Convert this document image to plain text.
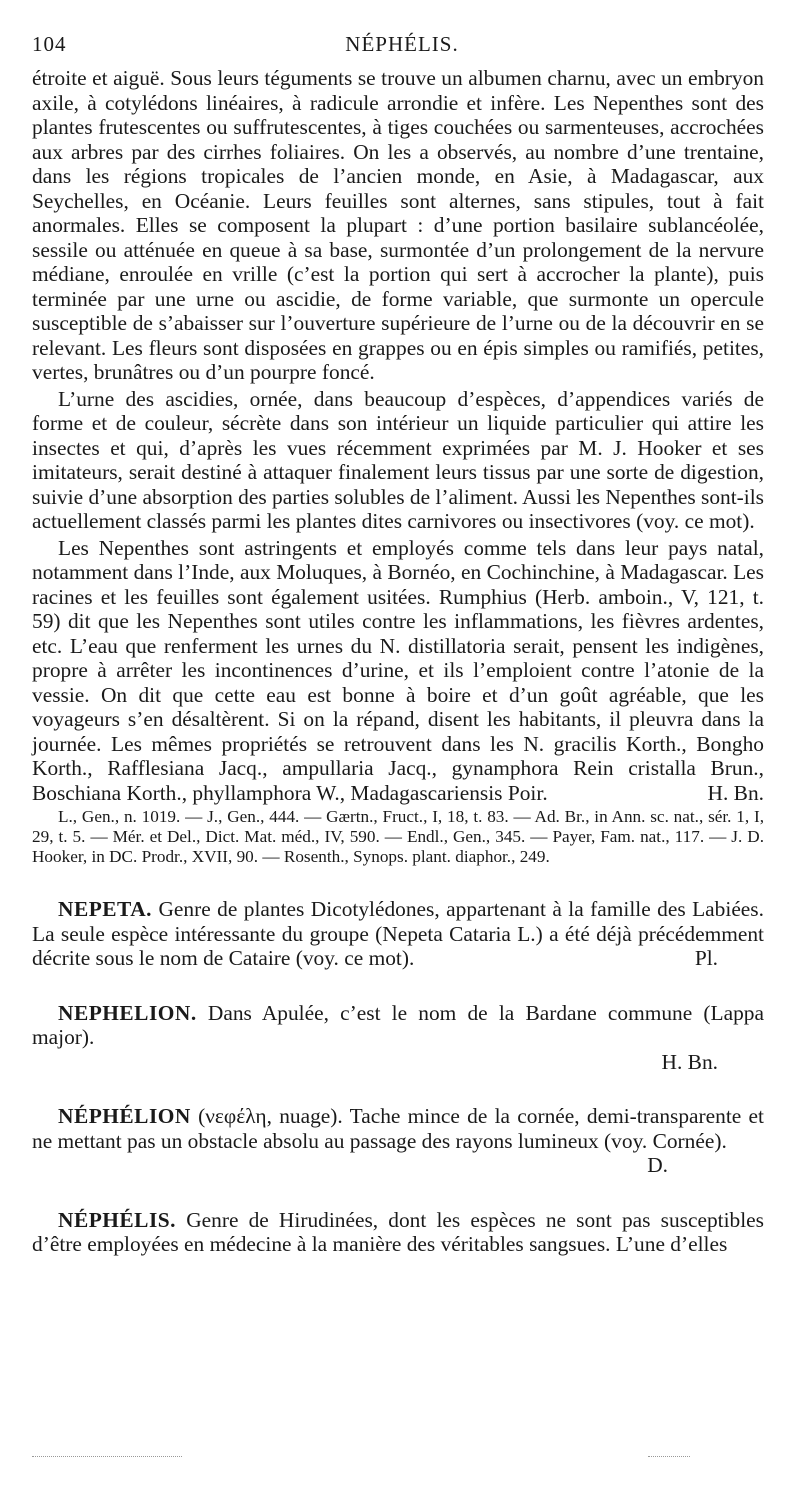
104	NÉPHÉLIS.

étroite et aiguë. Sous leurs téguments se trouve un albumen charnu, avec un embryon axile, à cotylédons linéaires, à radicule arrondie et infère. Les Nepenthes sont des plantes frutescentes ou suffrutescentes, à tiges couchées ou sarmenteuses, accrochées aux arbres par des cirrhes foliaires. On les a observés, au nombre d’une trentaine, dans les régions tropicales de l’ancien monde, en Asie, à Madagascar, aux Seychelles, en Océanie. Leurs feuilles sont alternes, sans stipules, tout à fait anormales. Elles se composent la plupart : d’une portion basilaire sublancéolée, sessile ou atténuée en queue à sa base, surmontée d’un prolongement de la nervure médiane, enroulée en vrille (c’est la portion qui sert à accrocher la plante), puis terminée par une urne ou ascidie, de forme variable, que surmonte un opercule susceptible de s’abaisser sur l’ouverture supérieure de l’urne ou de la découvrir en se relevant. Les fleurs sont disposées en grappes ou en épis simples ou ramifiés, petites, vertes, brunâtres ou d’un pourpre foncé.

L’urne des ascidies, ornée, dans beaucoup d’espèces, d’appendices variés de forme et de couleur, sécrète dans son intérieur un liquide particulier qui attire les insectes et qui, d’après les vues récemment exprimées par M. J. Hooker et ses imitateurs, serait destiné à attaquer finalement leurs tissus par une sorte de digestion, suivie d’une absorption des parties solubles de l’aliment. Aussi les Nepenthes sont-ils actuellement classés parmi les plantes dites carnivores ou insectivores (voy. ce mot).

Les Nepenthes sont astringents et employés comme tels dans leur pays natal, notamment dans l’Inde, aux Moluques, à Bornéo, en Cochinchine, à Madagascar. Les racines et les feuilles sont également usitées. Rumphius (Herb. amboin., V, 121, t. 59) dit que les Nepenthes sont utiles contre les inflammations, les fièvres ardentes, etc. L’eau que renferment les urnes du N. distillatoria serait, pensent les indigènes, propre à arrêter les incontinences d’urine, et ils l’emploient contre l’atonie de la vessie. On dit que cette eau est bonne à boire et d’un goût agréable, que les voyageurs s’en désaltèrent. Si on la répand, disent les habitants, il pleuvra dans la journée. Les mêmes propriétés se retrouvent dans les N. gracilis Korth., Bongho Korth., Rafflesiana Jacq., ampullaria Jacq., gynamphora Rein cristalla Brun., Boschiana Korth., phyllamphora W., Madagascariensis Poir.	H. Bn.

L., Gen., n. 1019. — J., Gen., 444. — Gærtn., Fruct., I, 18, t. 83. — Ad. Br., in Ann. sc. nat., sér. 1, I, 29, t. 5. — Mér. et Del., Dict. Mat. méd., IV, 590. — Endl., Gen., 345. — Payer, Fam. nat., 117. — J. D. Hooker, in DC. Prodr., XVII, 90. — Rosenth., Synops. plant. diaphor., 249.

NEPETA. Genre de plantes Dicotylédones, appartenant à la famille des Labiées. La seule espèce intéressante du groupe (Nepeta Cataria L.) a été déjà précédemment décrite sous le nom de Cataire (voy. ce mot).	Pl.

NEPHELION. Dans Apulée, c’est le nom de la Bardane commune (Lappa major).
H. Bn.

NÉPHÉLION (νεφέλη, nuage). Tache mince de la cornée, demi-transparente et ne mettant pas un obstacle absolu au passage des rayons lumineux (voy. Cornée).
D.

NÉPHÉLIS. Genre de Hirudinées, dont les espèces ne sont pas susceptibles d’être employées en médecine à la manière des véritables sangsues. L’une d’elles
